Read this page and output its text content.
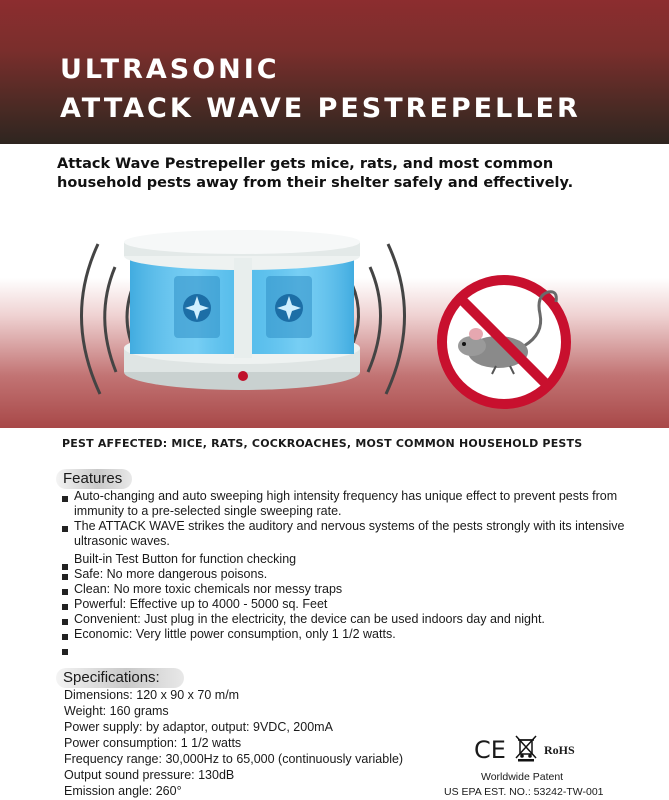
ULTRASONIC
ATTACK WAVE PESTREPELLER

Attack Wave Pestrepeller gets mice, rats, and most common household pests away from their shelter safely and effectively.

PEST AFFECTED: MICE, RATS, COCKROACHES, MOST COMMON HOUSEHOLD PESTS

Features

Auto-changing and auto sweeping high intensity frequency has unique effect to prevent pests from immunity to a pre-selected single sweeping rate.
The ATTACK WAVE strikes the auditory and nervous systems of the pests strongly with its intensive ultrasonic waves.
Built-in Test Button for function checking
Safe: No more dangerous poisons.
Clean: No more toxic chemicals nor messy traps
Powerful: Effective up to 4000 - 5000 sq. Feet
Convenient: Just plug in the electricity, the device can be used indoors day and night.
Economic: Very little power consumption, only 1 1/2 watts.

Specifications:

Dimensions: 120 x 90 x 70 m/m
Weight: 160 grams
Power supply: by adaptor, output: 9VDC, 200mA
Power consumption: 1 1/2 watts
Frequency range: 30,000Hz to 65,000 (continuously variable)
Output sound pressure: 130dB
Emission angle: 260°
CE	RoHS

Worldwide Patent

US EPA EST. NO.: 53242-TW-001
